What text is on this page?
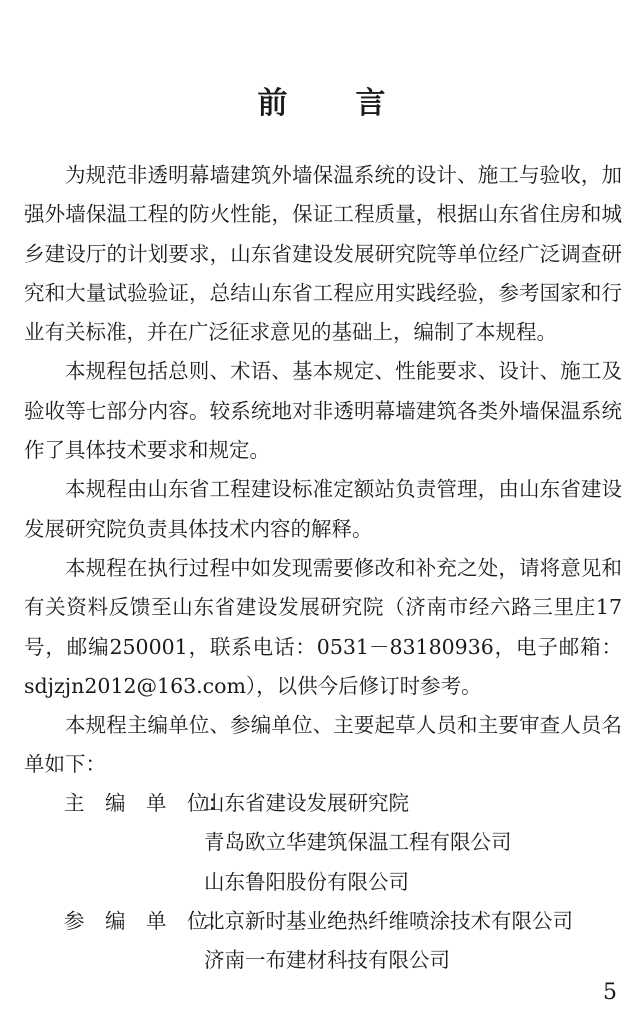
前 言

为规范非透明幕墙建筑外墙保温系统的设计、施工与验收，加强外墙保温工程的防火性能，保证工程质量，根据山东省住房和城乡建设厅的计划要求，山东省建设发展研究院等单位经广泛调查研究和大量试验验证，总结山东省工程应用实践经验，参考国家和行业有关标准，并在广泛征求意见的基础上，编制了本规程。

本规程包括总则、术语、基本规定、性能要求、设计、施工及验收等七部分内容。较系统地对非透明幕墙建筑各类外墙保温系统作了具体技术要求和规定。

本规程由山东省工程建设标准定额站负责管理，由山东省建设发展研究院负责具体技术内容的解释。

本规程在执行过程中如发现需要修改和补充之处，请将意见和有关资料反馈至山东省建设发展研究院（济南市经六路三里庄17号，邮编250001，联系电话：0531－83180936，电子邮箱：sdjzjn2012@163.com），以供今后修订时参考。

本规程主编单位、参编单位、主要起草人员和主要审查人员名单如下：

主　编　单　位：
山东省建设发展研究院
青岛欧立华建筑保温工程有限公司
山东鲁阳股份有限公司
参　编　单　位：
北京新时基业绝热纤维喷涂技术有限公司
济南一布建材科技有限公司
5
